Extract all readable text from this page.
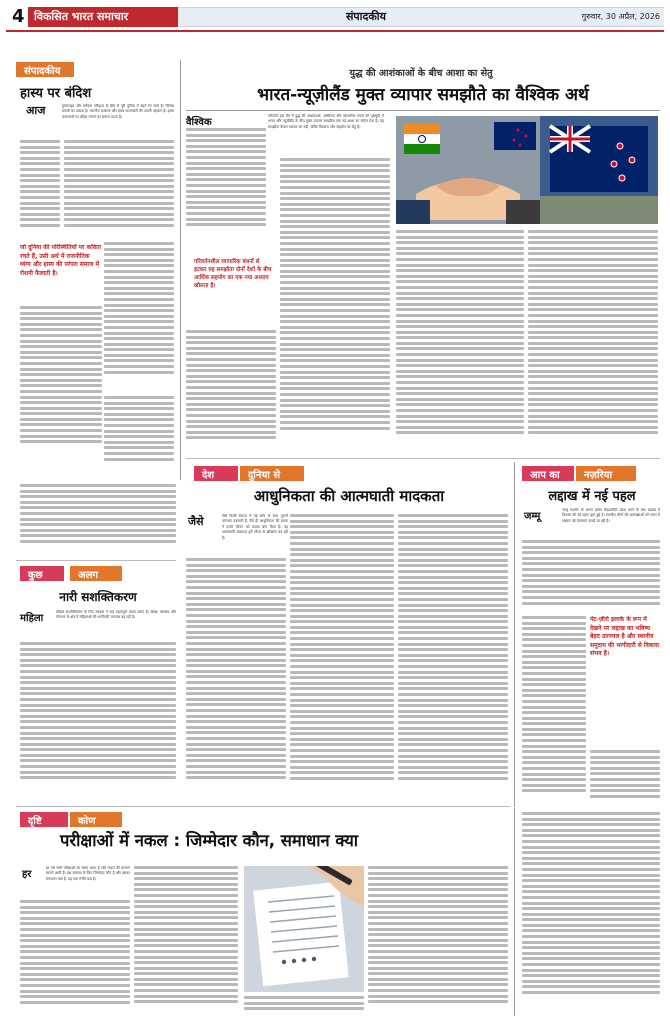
4 विकसित भारत समाचार	संपादकीय	गुरुवार, 30 अप्रैल, 2026
संपादकीय
हास्य पर बंदिश
आज	मुस्कराहट और संवेदना परिदृश्य के बीच में पूरी दुनिया में बहते रंग जाते हैं। विभिन्न समयों का प्रकाश है। भारतीय प्रजातंत्र और हास्य कलाकारों की अपनी पहचान है। हास्य कलाकारों पर बंदिश लगाने का सवाल उठता है।
जो दुनिया की परिस्थितियों पर कविता रचते हैं, उसी अर्थ में राजनीतिक व्यंग्य और हास्य की परंपरा समाज में रोशनी फैलाती है।
युद्ध की आशंकाओं के बीच आशा का सेतु
भारत-न्यूज़ीलैंड मुक्त व्यापार समझौते का वैश्विक अर्थ
वैश्विक
परिवर्तन इस दौर में युद्ध की आशंकाओं, अस्थिरता और व्यापारिक तनाव की पृष्ठभूमि में भारत और न्यूज़ीलैंड के बीच मुक्त व्यापार समझौता एक नई आशा का संकेत देता है। यह समझौता केवल व्यापार का नहीं, बल्कि विश्वास और सहयोग का सेतु है।
परिवर्तनशील व्यापारिक बंधनों से हटकर यह समझौता दोनों देशों के बीच आर्थिक सहयोग का एक नया अध्याय खोलता है।
देश	दुनिया से
आधुनिकता की आत्मघाती मादकता
जैसे	जैसे किसी समाज में नई सोच के साथ पुरानी परंपराएं टकराती हैं, वैसे ही आधुनिकता की चमक ने हमारे जीवन को मादक बना दिया है। यह आत्मघाती मादकता हमें भीतर से खोखला कर रही है।
आप का	नज़रिया
लद्दाख में नई पहल
जम्मू
जम्मू कश्मीर के अलग होकर केंद्रशासित प्रदेश बनने के बाद लद्दाख में विकास की नई पहल शुरू हुई है। स्थानीय लोगों की आकांक्षाओं को ध्यान में रखकर नई योजनाएं बनाई जा रही हैं।
नेट-ज़ीरो इलाके के रूप में देखने पर लद्दाख का भविष्य बेहद उज्ज्वल है और स्थानीय समुदाय की भागीदारी से विकास संभव है।
कुछ	अलग
नारी सशक्तिकरण
महिला
महिला सशक्तिकरण के लिए सरकार ने कई महत्वपूर्ण कदम उठाए हैं। शिक्षा, स्वास्थ्य और रोजगार के क्षेत्र में महिलाओं की भागीदारी लगातार बढ़ रही है।
दृष्टि	कोण
परीक्षाओं में नकल : जिम्मेदार कौन, समाधान क्या
हर
हर वर्ष सभी परीक्षाओं का समय आता है और नकल की घटनाएं सामने आती हैं। इस समस्या के लिए जिम्मेदार कौन है और इसका समाधान क्या है, यह एक गंभीर प्रश्न है।
